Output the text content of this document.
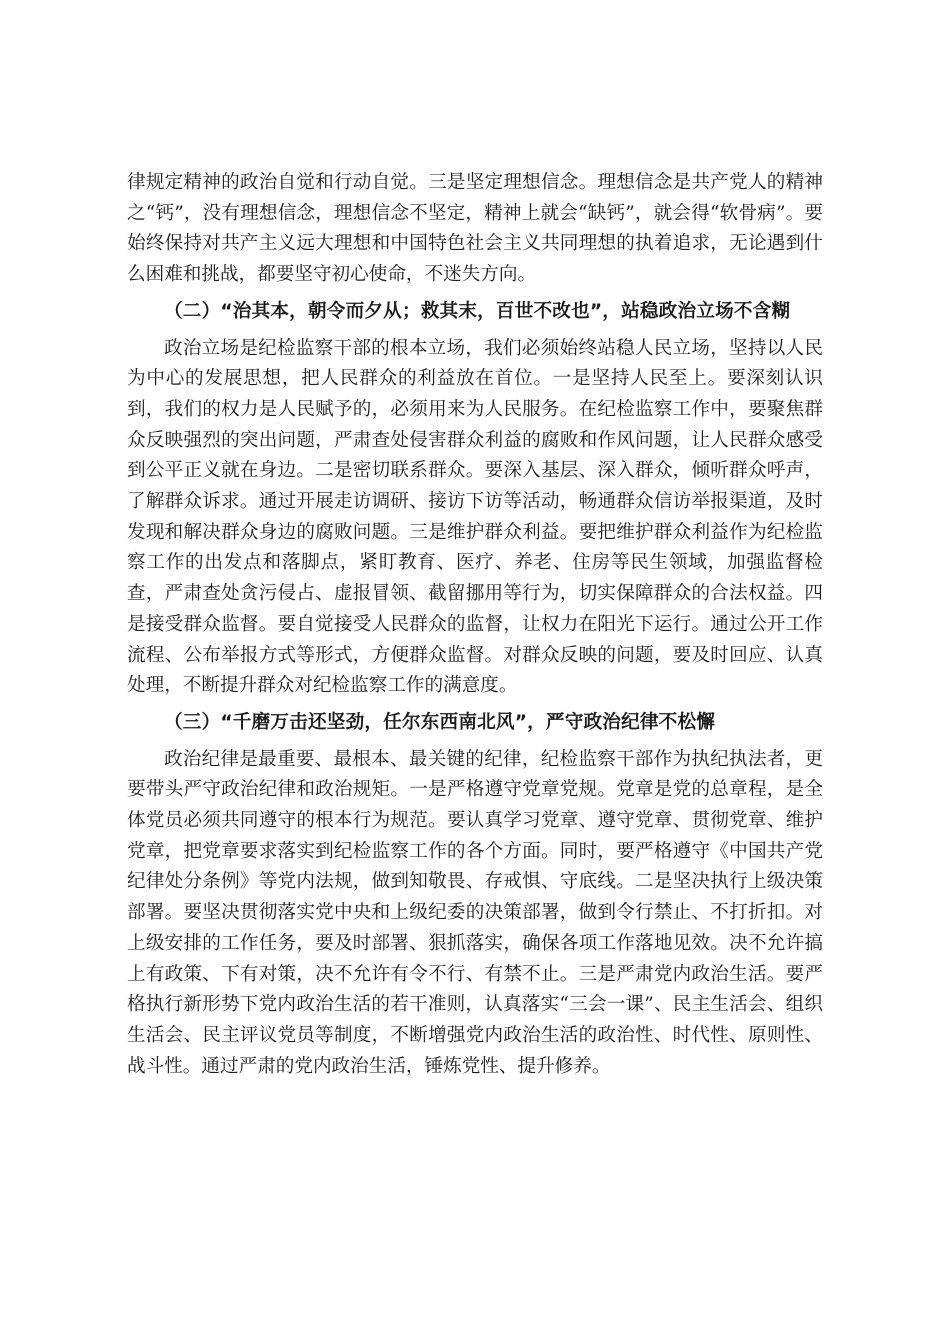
律规定精神的政治自觉和行动自觉。三是坚定理想信念。理想信念是共产党人的精神之“钙”，没有理想信念，理想信念不坚定，精神上就会“缺钙”，就会得“软骨病”。要始终保持对共产主义远大理想和中国特色社会主义共同理想的执着追求，无论遇到什么困难和挑战，都要坚守初心使命，不迷失方向。

（二）“治其本，朝令而夕从；救其末，百世不改也”，站稳政治立场不含糊

政治立场是纪检监察干部的根本立场，我们必须始终站稳人民立场，坚持以人民为中心的发展思想，把人民群众的利益放在首位。一是坚持人民至上。要深刻认识到，我们的权力是人民赋予的，必须用来为人民服务。在纪检监察工作中，要聚焦群众反映强烈的突出问题，严肃查处侵害群众利益的腐败和作风问题，让人民群众感受到公平正义就在身边。二是密切联系群众。要深入基层、深入群众，倾听群众呼声，了解群众诉求。通过开展走访调研、接访下访等活动，畅通群众信访举报渠道，及时发现和解决群众身边的腐败问题。三是维护群众利益。要把维护群众利益作为纪检监察工作的出发点和落脚点，紧盯教育、医疗、养老、住房等民生领域，加强监督检查，严肃查处贪污侵占、虚报冒领、截留挪用等行为，切实保障群众的合法权益。四是接受群众监督。要自觉接受人民群众的监督，让权力在阳光下运行。通过公开工作流程、公布举报方式等形式，方便群众监督。对群众反映的问题，要及时回应、认真处理，不断提升群众对纪检监察工作的满意度。

（三）“千磨万击还坚劲，任尔东西南北风”，严守政治纪律不松懈

政治纪律是最重要、最根本、最关键的纪律，纪检监察干部作为执纪执法者，更要带头严守政治纪律和政治规矩。一是严格遵守党章党规。党章是党的总章程，是全体党员必须共同遵守的根本行为规范。要认真学习党章、遵守党章、贯彻党章、维护党章，把党章要求落实到纪检监察工作的各个方面。同时，要严格遵守《中国共产党纪律处分条例》等党内法规，做到知敬畏、存戒惧、守底线。二是坚决执行上级决策部署。要坚决贯彻落实党中央和上级纪委的决策部署，做到令行禁止、不打折扣。对上级安排的工作任务，要及时部署、狠抓落实，确保各项工作落地见效。决不允许搞上有政策、下有对策，决不允许有令不行、有禁不止。三是严肃党内政治生活。要严格执行新形势下党内政治生活的若干准则，认真落实“三会一课”、民主生活会、组织生活会、民主评议党员等制度，不断增强党内政治生活的政治性、时代性、原则性、战斗性。通过严肃的党内政治生活，锤炼党性、提升修养。
